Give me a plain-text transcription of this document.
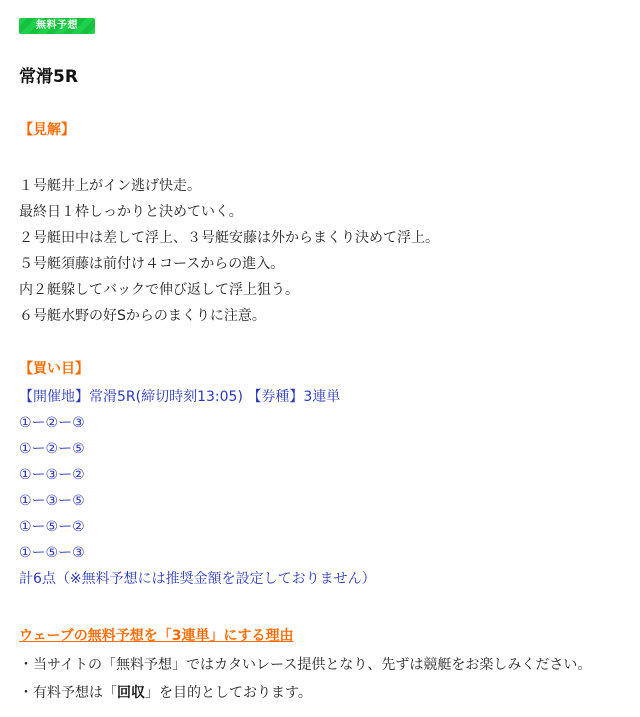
無料予想
常滑5R
【見解】
１号艇井上がイン逃げ快走。
最終日１枠しっかりと決めていく。
２号艇田中は差して浮上、３号艇安藤は外からまくり決めて浮上。
５号艇須藤は前付け４コースからの進入。
内２艇躱してバックで伸び返して浮上狙う。
６号艇水野の好Sからのまくりに注意。
【買い目】
【開催地】常滑5R(締切時刻13:05) 【券種】3連単
①ー②ー③
①ー②ー⑤
①ー③ー②
①ー③ー⑤
①ー⑤ー②
①ー⑤ー③
計6点（※無料予想には推奨金額を設定しておりません）
ウェーブの無料予想を「3連単」にする理由
・当サイトの「無料予想」ではカタいレース提供となり、先ずは競艇をお楽しみください。
・有料予想は「回収」を目的としております。
